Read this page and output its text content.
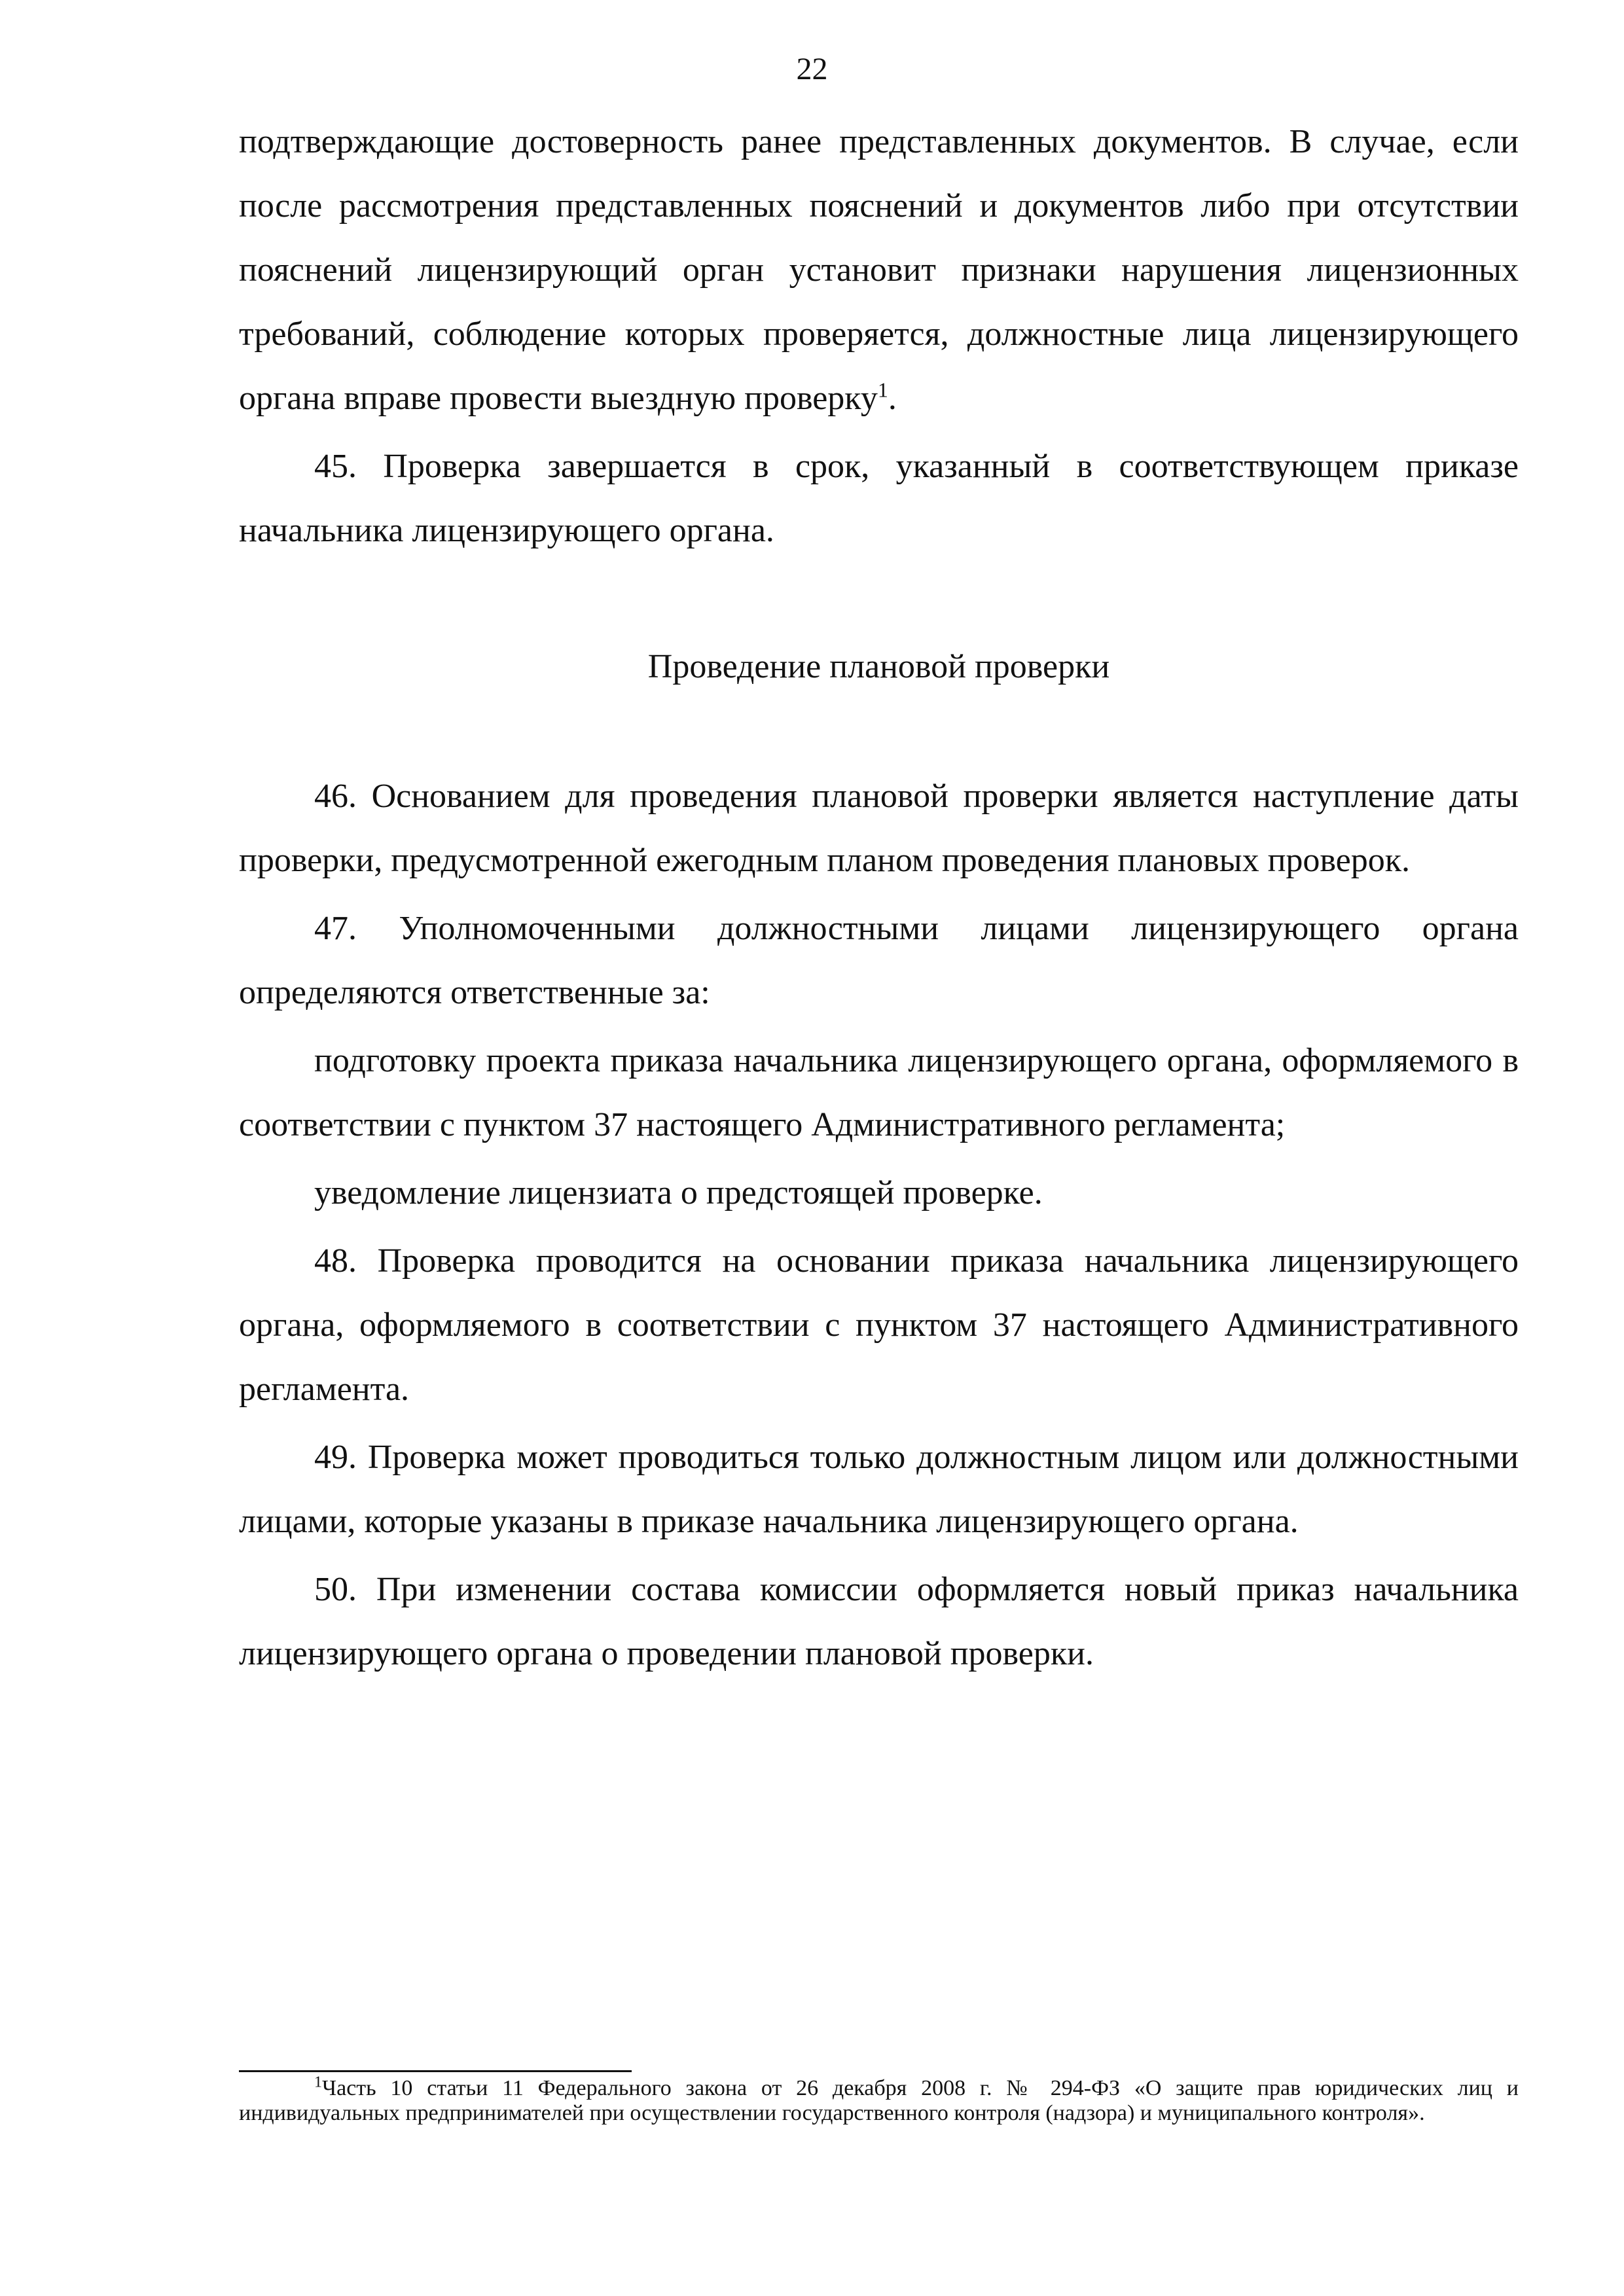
22

подтверждающие достоверность ранее представленных документов. В случае, если после рассмотрения представленных пояснений и документов либо при отсутствии пояснений лицензирующий орган установит признаки нарушения лицензионных требований, соблюдение которых проверяется, должностные лица лицензирующего органа вправе провести выездную проверку$^1$.

45. Проверка завершается в срок, указанный в соответствующем приказе начальника лицензирующего органа.

Проведение плановой проверки

46. Основанием для проведения плановой проверки является наступление даты проверки, предусмотренной ежегодным планом проведения плановых проверок.

47. Уполномоченными должностными лицами лицензирующего органа определяются ответственные за:

подготовку проекта приказа начальника лицензирующего органа, оформляемого в соответствии с пунктом 37 настоящего Административного регламента;

уведомление лицензиата о предстоящей проверке.

48. Проверка проводится на основании приказа начальника лицензирующего органа, оформляемого в соответствии с пунктом 37 настоящего Административного регламента.

49. Проверка может проводиться только должностным лицом или должностными лицами, которые указаны в приказе начальника лицензирующего органа.

50. При изменении состава комиссии оформляется новый приказ начальника лицензирующего органа о проведении плановой проверки.

$^1$Часть 10 статьи 11 Федерального закона от 26 декабря 2008 г. № 294-ФЗ «О защите прав юридических лиц и индивидуальных предпринимателей при осуществлении государственного контроля (надзора) и муниципального контроля».
